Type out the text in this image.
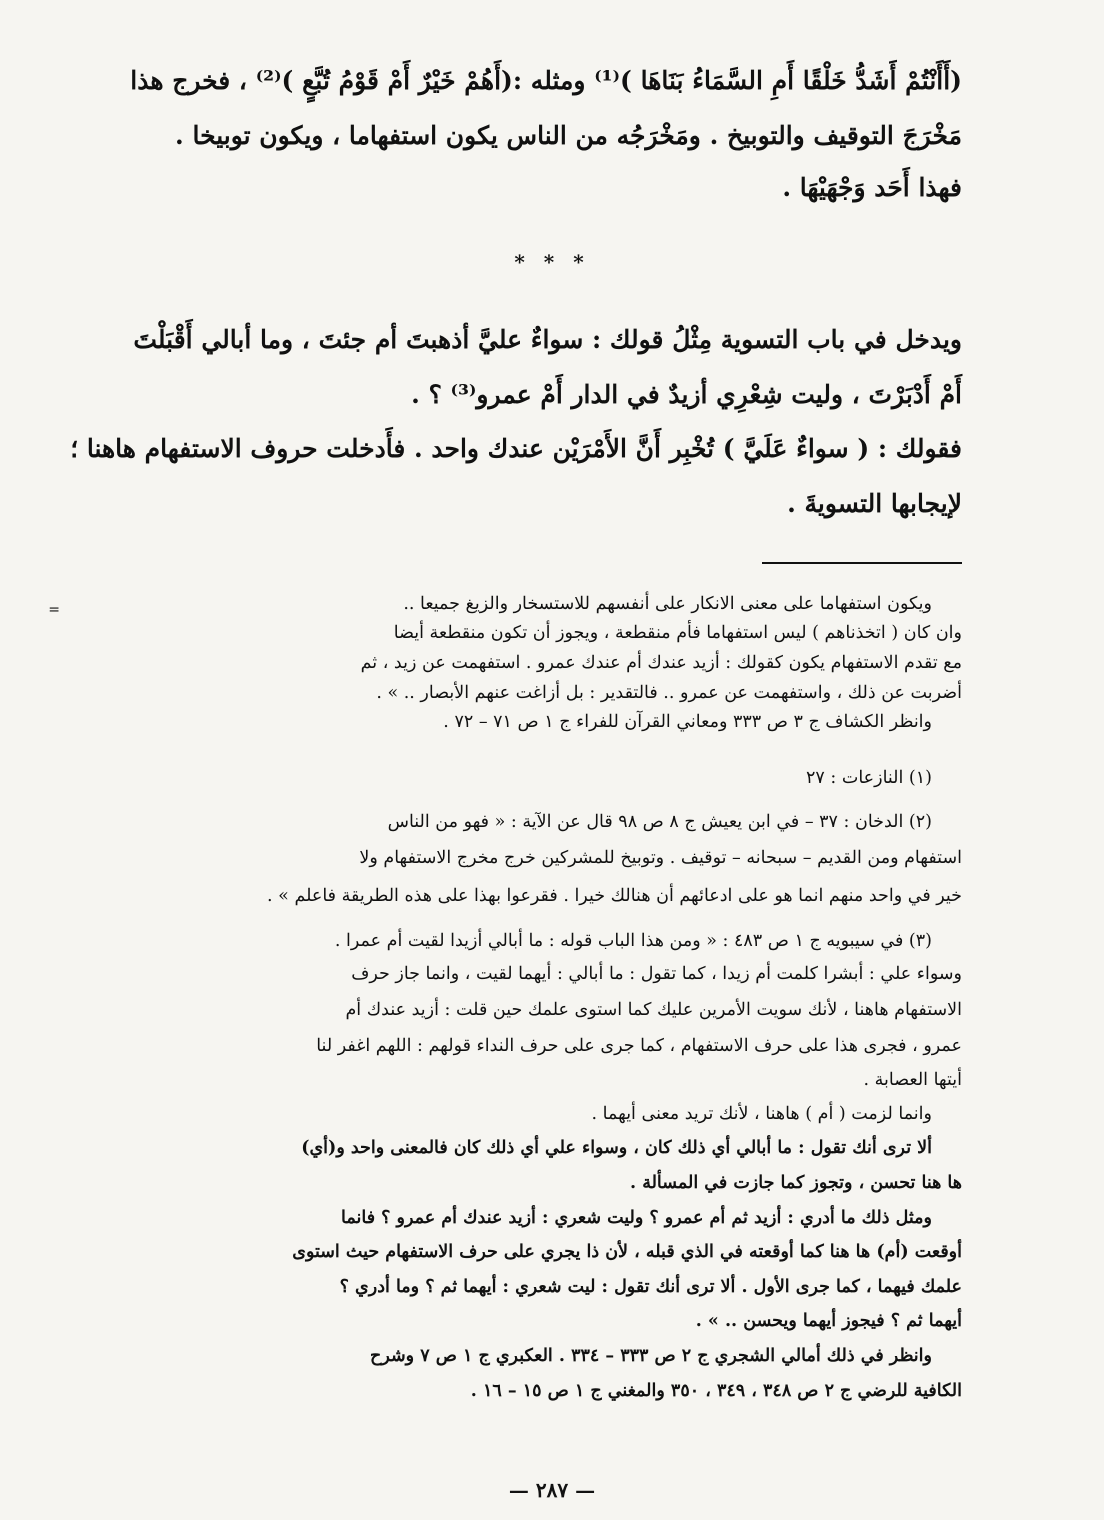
(أَأَنْتُمْ أَشَدُّ خَلْقًا أَمِ السَّمَاءُ بَنَاهَا )⁽¹⁾ ومثله :(أَهُمْ خَيْرٌ أَمْ قَوْمُ تُبَّعٍ )⁽²⁾ ، فخرج هذا
مَخْرَجَ التوقيف والتوبيخ . ومَخْرَجُه من الناس يكون استفهاما ، ويكون توبيخا .
فهذا أَحَد وَجْهَيْهَا .
* * *
ويدخل في باب التسوية مِثْلُ قولك : سواءٌ عليَّ أذهبتَ أم جئتَ ، وما أبالي أَقْبَلْتَ
أَمْ أَدْبَرْتَ ، وليت شِعْرِي أزيدٌ في الدار أَمْ عمرو⁽³⁾ ؟ .
فقولك : ( سواءٌ عَلَيَّ ) تُخْبِر أَنَّ الأَمْرَيْن عندك واحد . فأَدخلت حروف الاستفهام هاهنا ؛
لإيجابها التسويةَ .
=	ويكون استفهاما على معنى الانكار على أنفسهم للاستسخار والزيغ جميعا ..
وان كان ( اتخذناهم ) ليس استفهاما فأم منقطعة ، ويجوز أن تكون منقطعة أيضا
مع تقدم الاستفهام يكون كقولك : أزيد عندك أم عندك عمرو . استفهمت عن زيد ، ثم
أضربت عن ذلك ، واستفهمت عن عمرو .. فالتقدير : بل أزاغت عنهم الأبصار .. » .
وانظر الكشاف ج ٣ ص ٣٣٣ ومعاني القرآن للفراء ج ١ ص ٧١ – ٧٢ .
(١) النازعات : ٢٧
(٢) الدخان : ٣٧ – في ابن يعيش ج ٨ ص ٩٨ قال عن الآية : « فهو من الناس
استفهام ومن القديم – سبحانه – توقيف . وتوبيخ للمشركين خرج مخرج الاستفهام ولا
خير في واحد منهم انما هو على ادعائهم أن هنالك خيرا . فقرعوا بهذا على هذه الطريقة فاعلم » .
(٣) في سيبويه ج ١ ص ٤٨٣ : « ومن هذا الباب قوله : ما أبالي أزيدا لقيت أم عمرا .
وسواء علي : أبشرا كلمت أم زيدا ، كما تقول : ما أبالي : أيهما لقيت ، وانما جاز حرف
الاستفهام هاهنا ، لأنك سويت الأمرين عليك كما استوى علمك حين قلت : أزيد عندك أم
عمرو ، فجرى هذا على حرف الاستفهام ، كما جرى على حرف النداء قولهم : اللهم اغفر لنا
أيتها العصابة .
وانما لزمت ( أم ) هاهنا ، لأنك تريد معنى أيهما .
ألا ترى أنك تقول : ما أبالي أي ذلك كان ، وسواء علي أي ذلك كان فالمعنى واحد و(أي)
ها هنا تحسن ، وتجوز كما جازت في المسألة .
ومثل ذلك ما أدري : أزيد ثم أم عمرو ؟ وليت شعري : أزيد عندك أم عمرو ؟ فانما
أوقعت (أم) ها هنا كما أوقعته في الذي قبله ، لأن ذا يجري على حرف الاستفهام حيث استوى
علمك فيهما ، كما جرى الأول . ألا ترى أنك تقول : ليت شعري : أيهما ثم ؟ وما أدري ؟
أيهما ثم ؟ فيجوز أيهما ويحسن .. » .
وانظر في ذلك أمالي الشجري ج ٢ ص ٣٣٣ – ٣٣٤ . العكبري ج ١ ص ٧ وشرح
الكافية للرضي ج ٢ ص ٣٤٨ ، ٣٤٩ ، ٣٥٠ والمغني ج ١ ص ١٥ – ١٦ .
— ٢٨٧ —
